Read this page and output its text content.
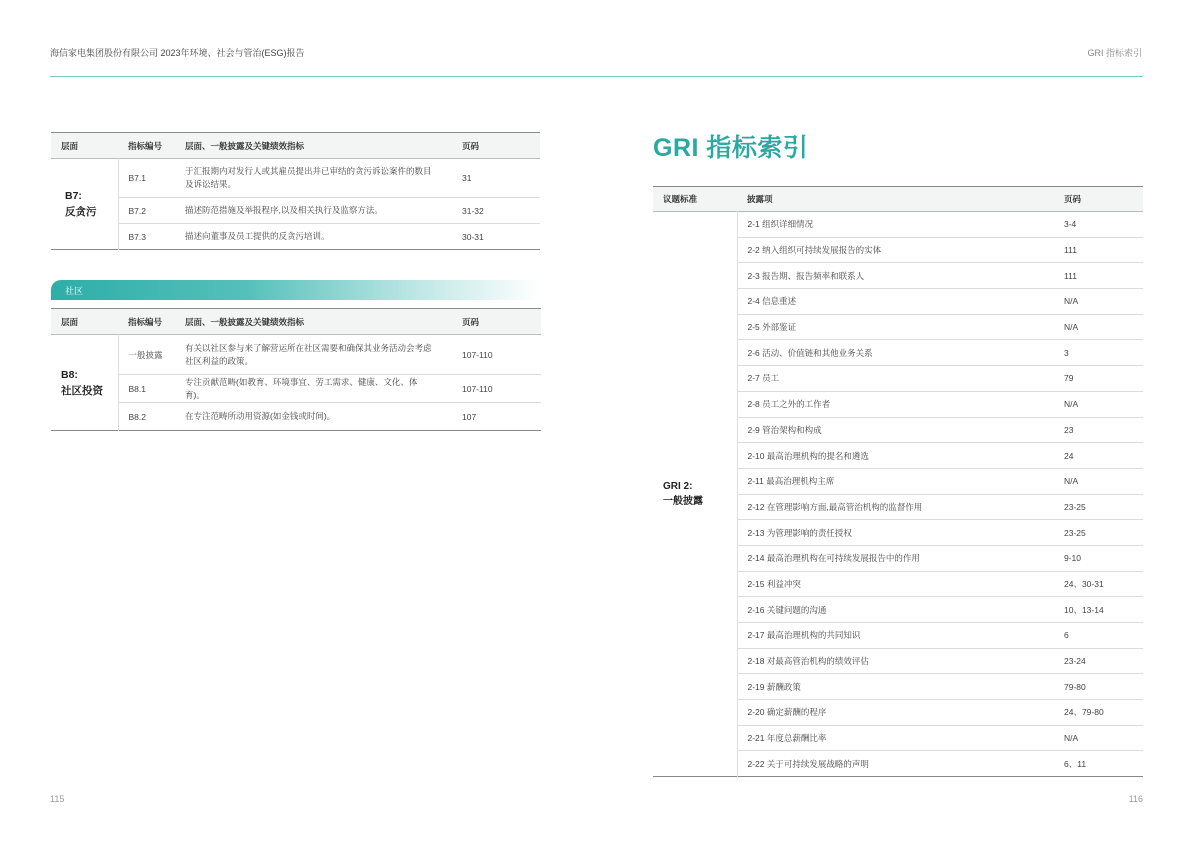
海信家电集团股份有限公司 2023年环境、社会与管治(ESG)报告	GRI 指标索引
层面	指标编号	层面、一般披露及关键绩效指标	页码
B7:
反贪污	B7.1	于汇报期内对发行人或其雇员提出并已审结的贪污诉讼案件的数目及诉讼结果。	31
	B7.2	描述防范措施及举报程序,以及相关执行及监察方法。	31-32
	B7.3	描述向董事及员工提供的反贪污培训。	30-31
社区
层面	指标编号	层面、一般披露及关键绩效指标	页码
B8:
社区投资	一般披露	有关以社区参与来了解营运所在社区需要和确保其业务活动会考虑社区利益的政策。	107-110
	B8.1	专注贡献范畴(如教育、环境事宜、劳工需求、健康、文化、体育)。	107-110
	B8.2	在专注范畴所动用资源(如金钱或时间)。	107
GRI 指标索引
议题标准	披露项	页码
GRI 2:
一般披露	2-1 组织详细情况	3-4
	2-2 纳入组织可持续发展报告的实体	111
	2-3 报告期、报告频率和联系人	111
	2-4 信息重述	N/A
	2-5 外部鉴证	N/A
	2-6 活动、价值链和其他业务关系	3
	2-7 员工	79
	2-8 员工之外的工作者	N/A
	2-9 管治架构和构成	23
	2-10 最高治理机构的提名和遴选	24
	2-11 最高治理机构主席	N/A
	2-12 在管理影响方面,最高管治机构的监督作用	23-25
	2-13 为管理影响的责任授权	23-25
	2-14 最高治理机构在可持续发展报告中的作用	9-10
	2-15 利益冲突	24、30-31
	2-16 关键问题的沟通	10、13-14
	2-17 最高治理机构的共同知识	6
	2-18 对最高管治机构的绩效评估	23-24
	2-19 薪酬政策	79-80
	2-20 确定薪酬的程序	24、79-80
	2-21 年度总薪酬比率	N/A
	2-22 关于可持续发展战略的声明	6、11
115	116
